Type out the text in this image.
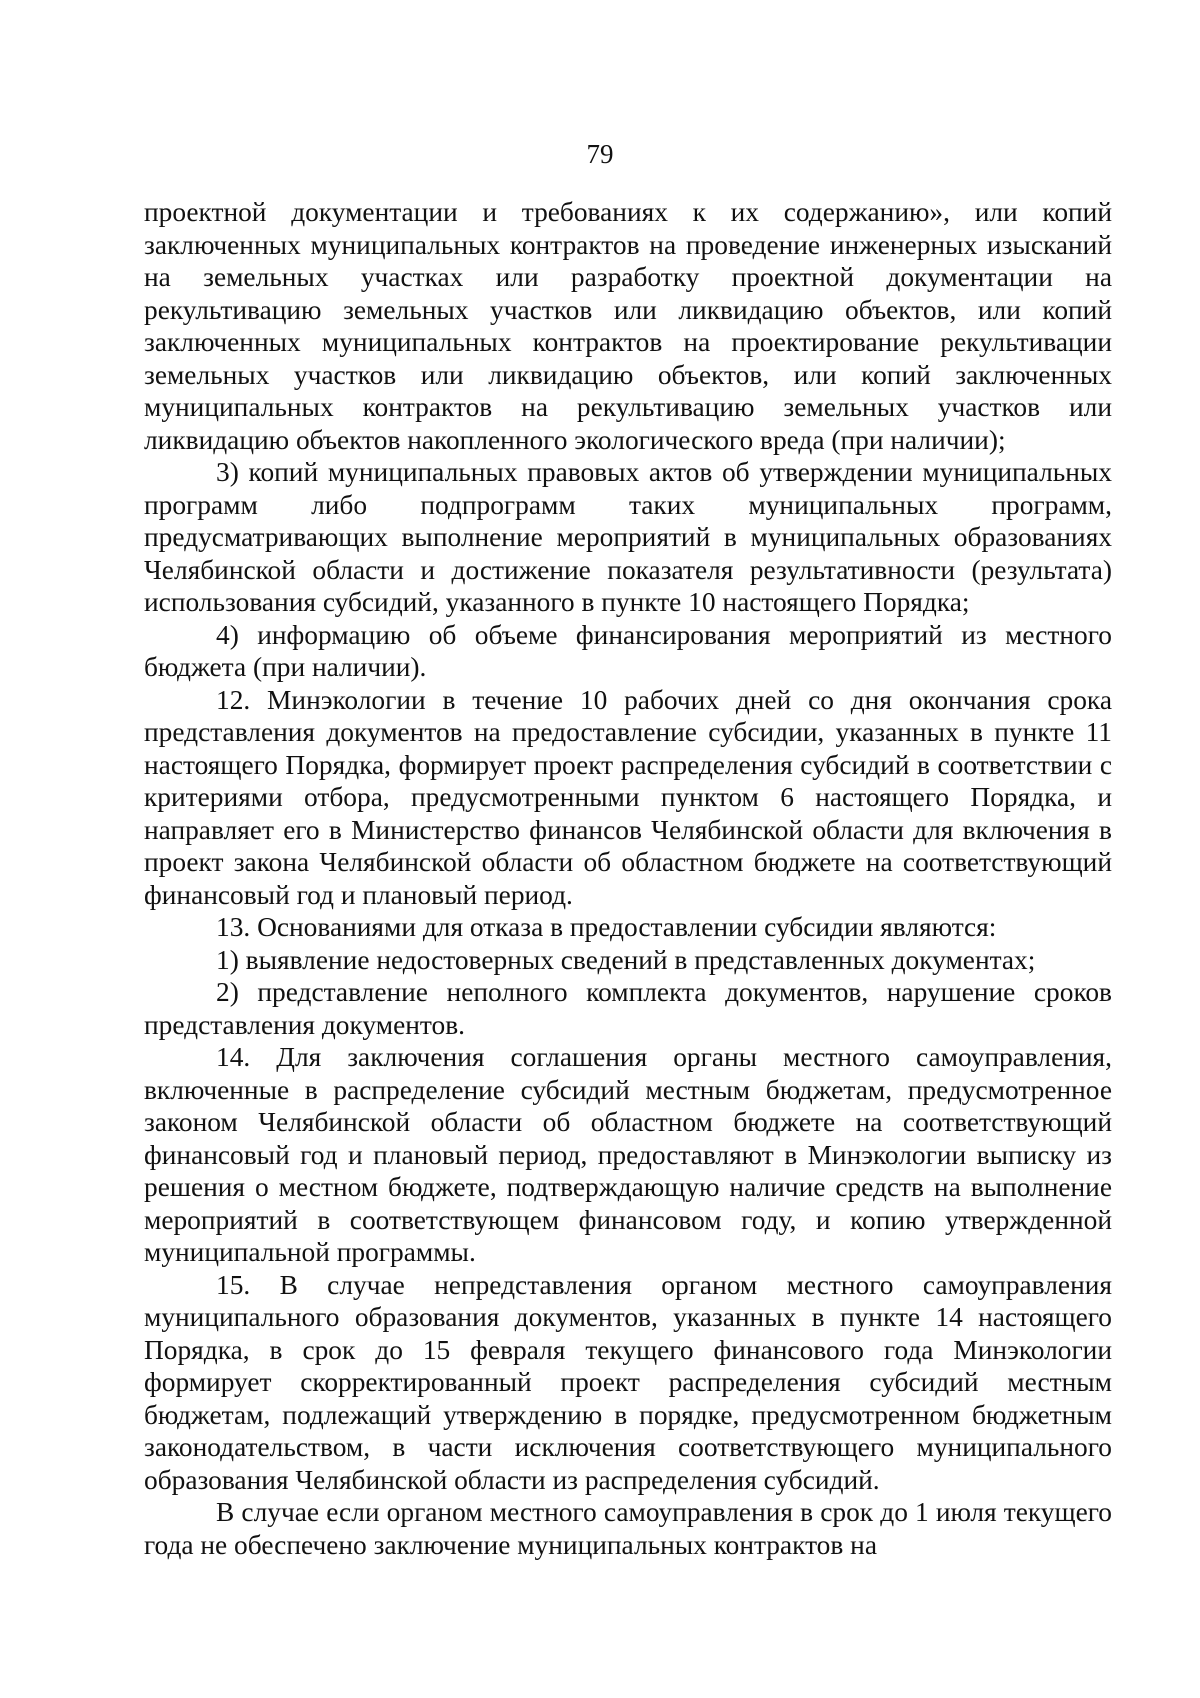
79

проектной документации и требованиях к их содержанию», или копий заключенных муниципальных контрактов на проведение инженерных изысканий на земельных участках или разработку проектной документации на рекультивацию земельных участков или ликвидацию объектов, или копий заключенных муниципальных контрактов на проектирование рекультивации земельных участков или ликвидацию объектов, или копий заключенных муниципальных контрактов на рекультивацию земельных участков или ликвидацию объектов накопленного экологического вреда (при наличии);

3) копий муниципальных правовых актов об утверждении муниципальных программ либо подпрограмм таких муниципальных программ, предусматривающих выполнение мероприятий в муниципальных образованиях Челябинской области и достижение показателя результативности (результата) использования субсидий, указанного в пункте 10 настоящего Порядка;

4) информацию об объеме финансирования мероприятий из местного бюджета (при наличии).

12. Минэкологии в течение 10 рабочих дней со дня окончания срока представления документов на предоставление субсидии, указанных в пункте 11 настоящего Порядка, формирует проект распределения субсидий в соответствии с критериями отбора, предусмотренными пунктом 6 настоящего Порядка, и направляет его в Министерство финансов Челябинской области для включения в проект закона Челябинской области об областном бюджете на соответствующий финансовый год и плановый период.

13. Основаниями для отказа в предоставлении субсидии являются:

1) выявление недостоверных сведений в представленных документах;

2) представление неполного комплекта документов, нарушение сроков представления документов.

14. Для заключения соглашения органы местного самоуправления, включенные в распределение субсидий местным бюджетам, предусмотренное законом Челябинской области об областном бюджете на соответствующий финансовый год и плановый период, предоставляют в Минэкологии выписку из решения о местном бюджете, подтверждающую наличие средств на выполнение мероприятий в соответствующем финансовом году, и копию утвержденной муниципальной программы.

15. В случае непредставления органом местного самоуправления муниципального образования документов, указанных в пункте 14 настоящего Порядка, в срок до 15 февраля текущего финансового года Минэкологии формирует скорректированный проект распределения субсидий местным бюджетам, подлежащий утверждению в порядке, предусмотренном бюджетным законодательством, в части исключения соответствующего муниципального образования Челябинской области из распределения субсидий.

В случае если органом местного самоуправления в срок до 1 июля текущего года не обеспечено заключение муниципальных контрактов на
